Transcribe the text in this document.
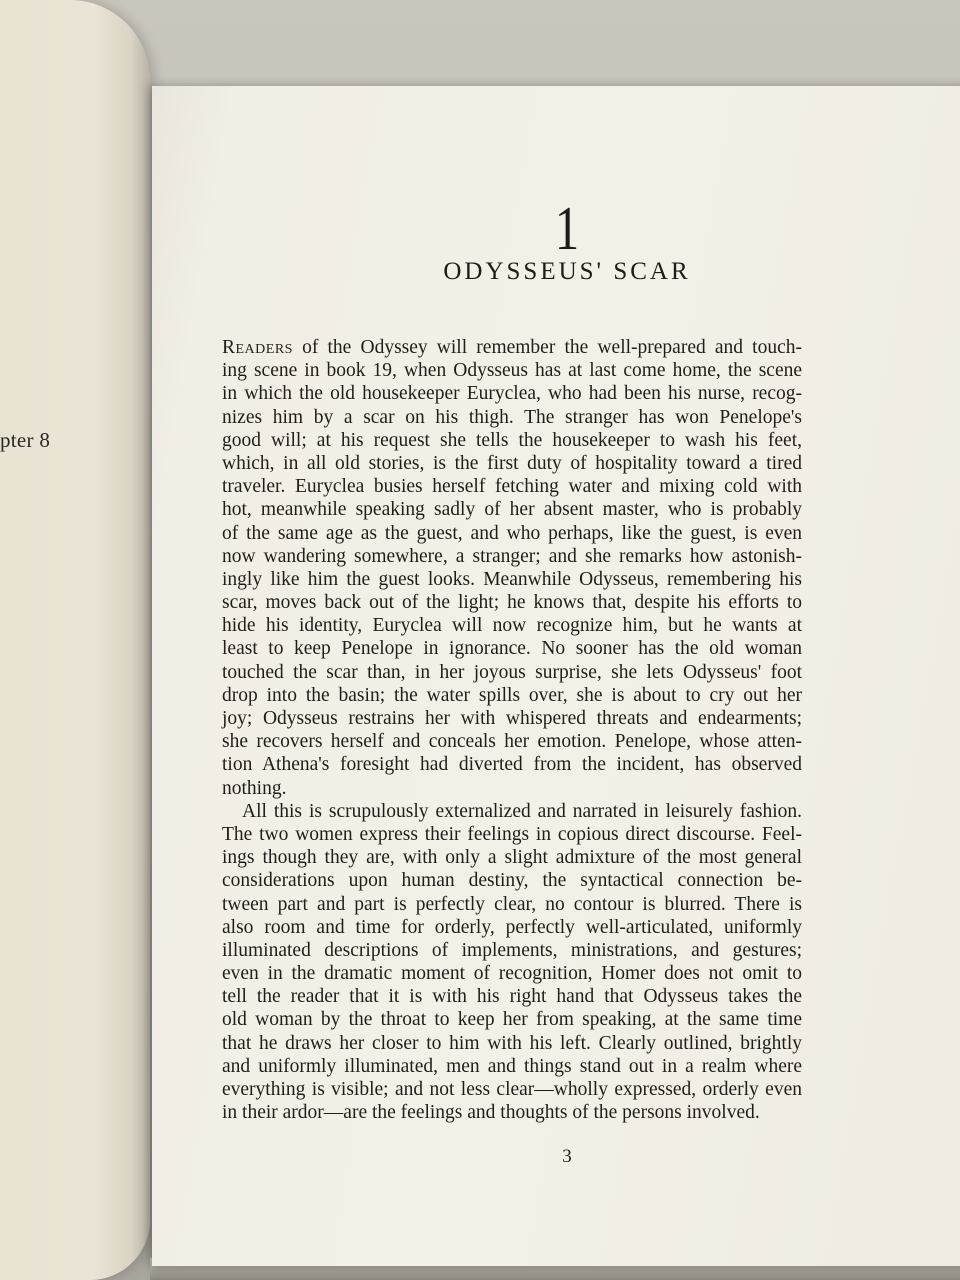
pter 8
1
ODYSSEUS' SCAR
Readers of the Odyssey will remember the well-prepared and touch-
ing scene in book 19, when Odysseus has at last come home, the scene
in which the old housekeeper Euryclea, who had been his nurse, recog-
nizes him by a scar on his thigh. The stranger has won Penelope's
good will; at his request she tells the housekeeper to wash his feet,
which, in all old stories, is the first duty of hospitality toward a tired
traveler. Euryclea busies herself fetching water and mixing cold with
hot, meanwhile speaking sadly of her absent master, who is probably
of the same age as the guest, and who perhaps, like the guest, is even
now wandering somewhere, a stranger; and she remarks how astonish-
ingly like him the guest looks. Meanwhile Odysseus, remembering his
scar, moves back out of the light; he knows that, despite his efforts to
hide his identity, Euryclea will now recognize him, but he wants at
least to keep Penelope in ignorance. No sooner has the old woman
touched the scar than, in her joyous surprise, she lets Odysseus' foot
drop into the basin; the water spills over, she is about to cry out her
joy; Odysseus restrains her with whispered threats and endearments;
she recovers herself and conceals her emotion. Penelope, whose atten-
tion Athena's foresight had diverted from the incident, has observed
nothing.
All this is scrupulously externalized and narrated in leisurely fashion.
The two women express their feelings in copious direct discourse. Feel-
ings though they are, with only a slight admixture of the most general
considerations upon human destiny, the syntactical connection be-
tween part and part is perfectly clear, no contour is blurred. There is
also room and time for orderly, perfectly well-articulated, uniformly
illuminated descriptions of implements, ministrations, and gestures;
even in the dramatic moment of recognition, Homer does not omit to
tell the reader that it is with his right hand that Odysseus takes the
old woman by the throat to keep her from speaking, at the same time
that he draws her closer to him with his left. Clearly outlined, brightly
and uniformly illuminated, men and things stand out in a realm where
everything is visible; and not less clear—wholly expressed, orderly even
in their ardor—are the feelings and thoughts of the persons involved.
3
